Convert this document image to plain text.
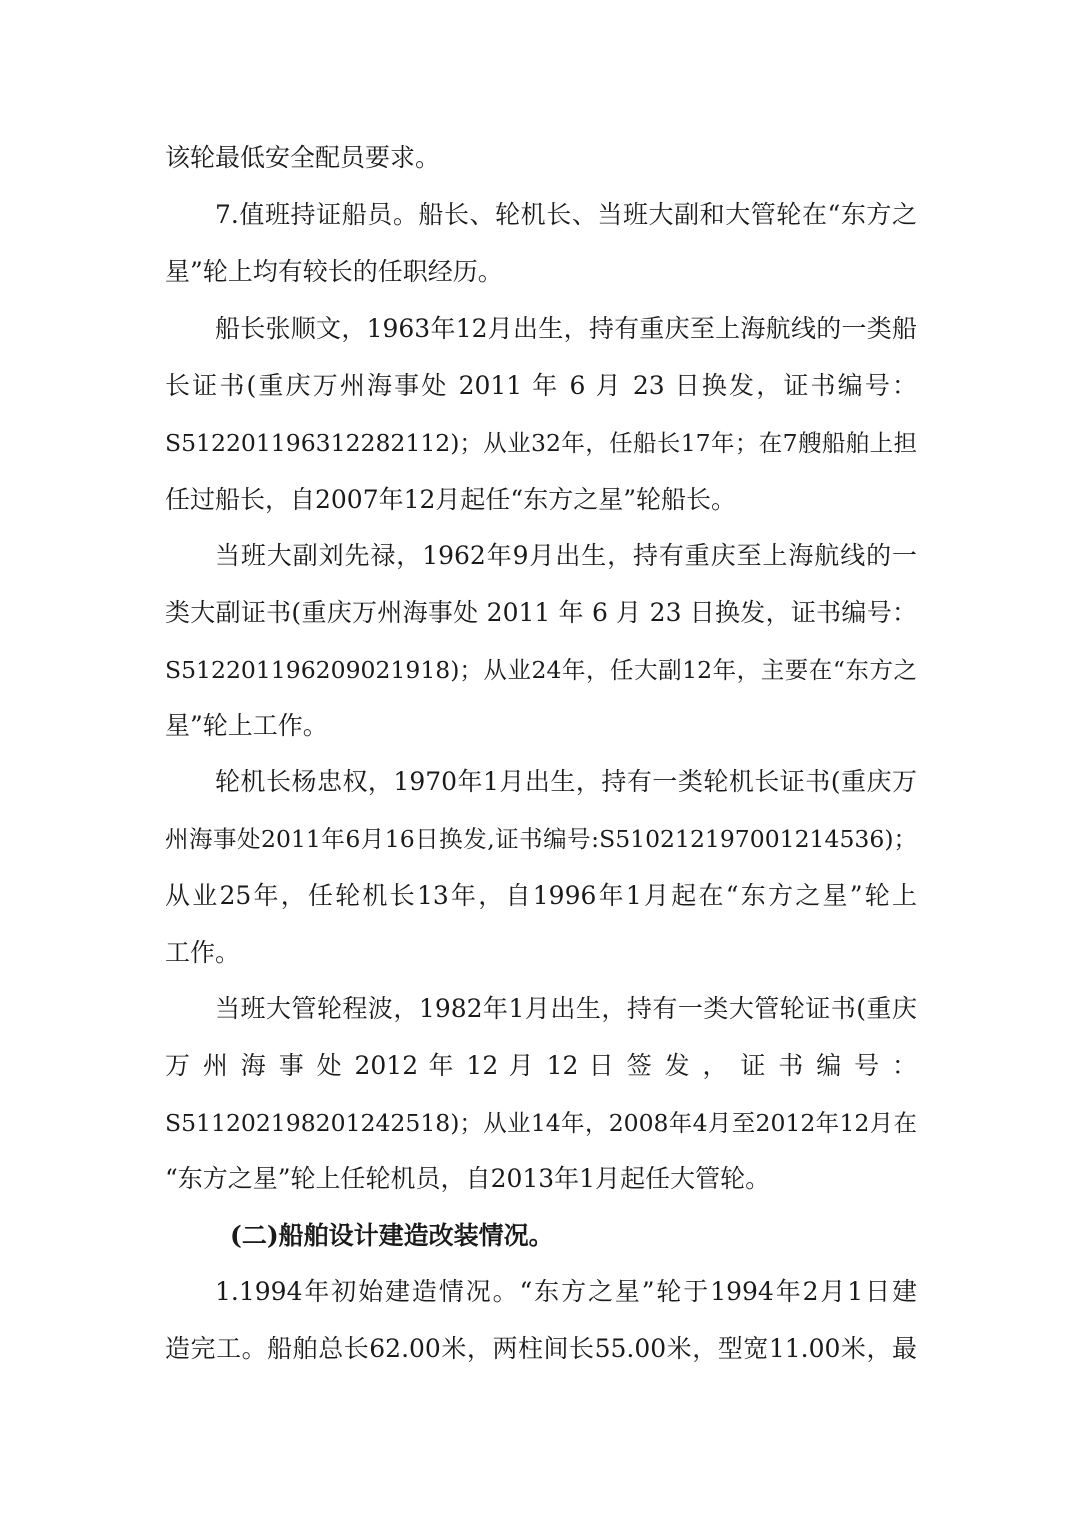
该轮最低安全配员要求。
7.值班持证船员。船长、轮机长、当班大副和大管轮在“东方之
星”轮上均有较长的任职经历。
船长张顺文，1963年12月出生，持有重庆至上海航线的一类船
长证书(重庆万州海事处 2011 年 6 月 23 日换发，证书编号：
S512201196312282112)；从业32年，任船长17年；在7艘船舶上担
任过船长，自2007年12月起任“东方之星”轮船长。
当班大副刘先禄，1962年9月出生，持有重庆至上海航线的一
类大副证书(重庆万州海事处 2011 年 6 月 23 日换发，证书编号：
S512201196209021918)；从业24年，任大副12年，主要在“东方之
星”轮上工作。
轮机长杨忠权，1970年1月出生，持有一类轮机长证书(重庆万
州海事处2011年6月16日换发,证书编号:S510212197001214536)；
从业25年，任轮机长13年，自1996年1月起在“东方之星”轮上
工作。
当班大管轮程波，1982年1月出生，持有一类大管轮证书(重庆
万 州 海 事 处 2012 年 12 月 12 日 签 发 ， 证 书 编 号 ：
S511202198201242518)；从业14年，2008年4月至2012年12月在
“东方之星”轮上任轮机员，自2013年1月起任大管轮。
(二)船舶设计建造改装情况。
1.1994年初始建造情况。“东方之星”轮于1994年2月1日建
造完工。船舶总长62.00米，两柱间长55.00米，型宽11.00米，最
